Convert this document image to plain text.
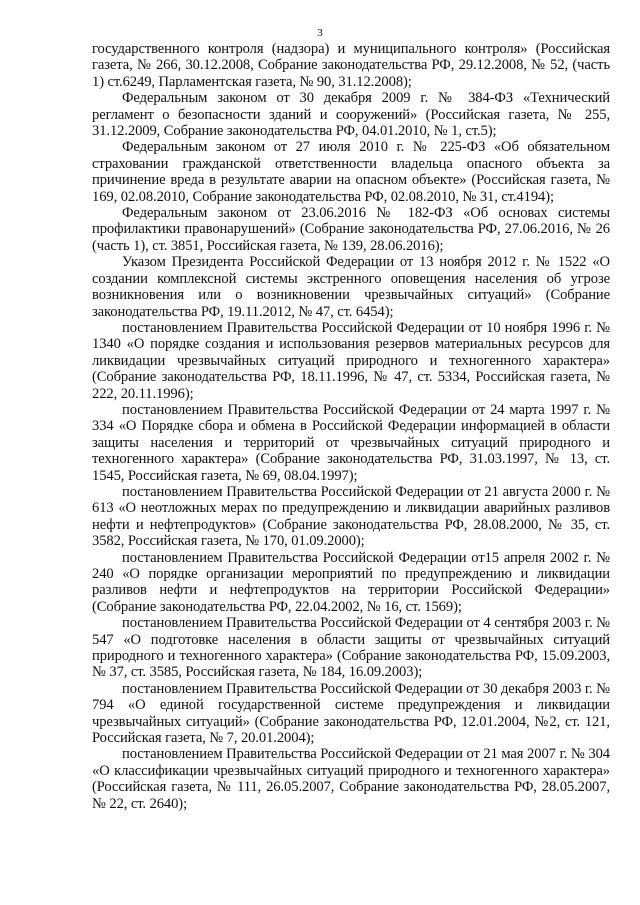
3

государственного контроля (надзора) и муниципального контроля» (Российская газета, № 266, 30.12.2008, Собрание законодательства РФ, 29.12.2008, № 52, (часть 1) ст.6249, Парламентская газета, № 90, 31.12.2008);

Федеральным законом от 30 декабря 2009 г. № 384-ФЗ «Технический регламент о безопасности зданий и сооружений» (Российская газета, № 255, 31.12.2009, Собрание законодательства РФ, 04.01.2010, № 1, ст.5);

Федеральным законом от 27 июля 2010 г. № 225-ФЗ «Об обязательном страховании гражданской ответственности владельца опасного объекта за причинение вреда в результате аварии на опасном объекте» (Российская газета, № 169, 02.08.2010, Собрание законодательства РФ, 02.08.2010, № 31, ст.4194);

Федеральным законом от 23.06.2016 № 182-ФЗ «Об основах системы профилактики правонарушений» (Собрание законодательства РФ, 27.06.2016, № 26 (часть 1), ст. 3851, Российская газета, № 139, 28.06.2016);

Указом Президента Российской Федерации от 13 ноября 2012 г. № 1522 «О создании комплексной системы экстренного оповещения населения об угрозе возникновения или о возникновении чрезвычайных ситуаций» (Собрание законодательства РФ, 19.11.2012, № 47, ст. 6454);

постановлением Правительства Российской Федерации от 10 ноября 1996 г. № 1340 «О порядке создания и использования резервов материальных ресурсов для ликвидации чрезвычайных ситуаций природного и техногенного характера» (Собрание законодательства РФ, 18.11.1996, № 47, ст. 5334, Российская газета, № 222, 20.11.1996);

постановлением Правительства Российской Федерации от 24 марта 1997 г. № 334 «О Порядке сбора и обмена в Российской Федерации информацией в области защиты населения и территорий от чрезвычайных ситуаций природного и техногенного характера» (Собрание законодательства РФ, 31.03.1997, № 13, ст. 1545, Российская газета, № 69, 08.04.1997);

постановлением Правительства Российской Федерации от 21 августа 2000 г. № 613 «О неотложных мерах по предупреждению и ликвидации аварийных разливов нефти и нефтепродуктов» (Собрание законодательства РФ, 28.08.2000, № 35, ст. 3582, Российская газета, № 170, 01.09.2000);

постановлением Правительства Российской Федерации от15 апреля 2002 г. № 240 «О порядке организации мероприятий по предупреждению и ликвидации разливов нефти и нефтепродуктов на территории Российской Федерации» (Собрание законодательства РФ, 22.04.2002, № 16, ст. 1569);

постановлением Правительства Российской Федерации от 4 сентября 2003 г. № 547 «О подготовке населения в области защиты от чрезвычайных ситуаций природного и техногенного характера» (Собрание законодательства РФ, 15.09.2003, № 37, ст. 3585, Российская газета, № 184, 16.09.2003);

постановлением Правительства Российской Федерации от 30 декабря 2003 г. № 794 «О единой государственной системе предупреждения и ликвидации чрезвычайных ситуаций» (Собрание законодательства РФ, 12.01.2004, №2, ст. 121, Российская газета, № 7, 20.01.2004);

постановлением Правительства Российской Федерации от 21 мая 2007 г. № 304 «О классификации чрезвычайных ситуаций природного и техногенного характера» (Российская газета, № 111, 26.05.2007, Собрание законодательства РФ, 28.05.2007, № 22, ст. 2640);
